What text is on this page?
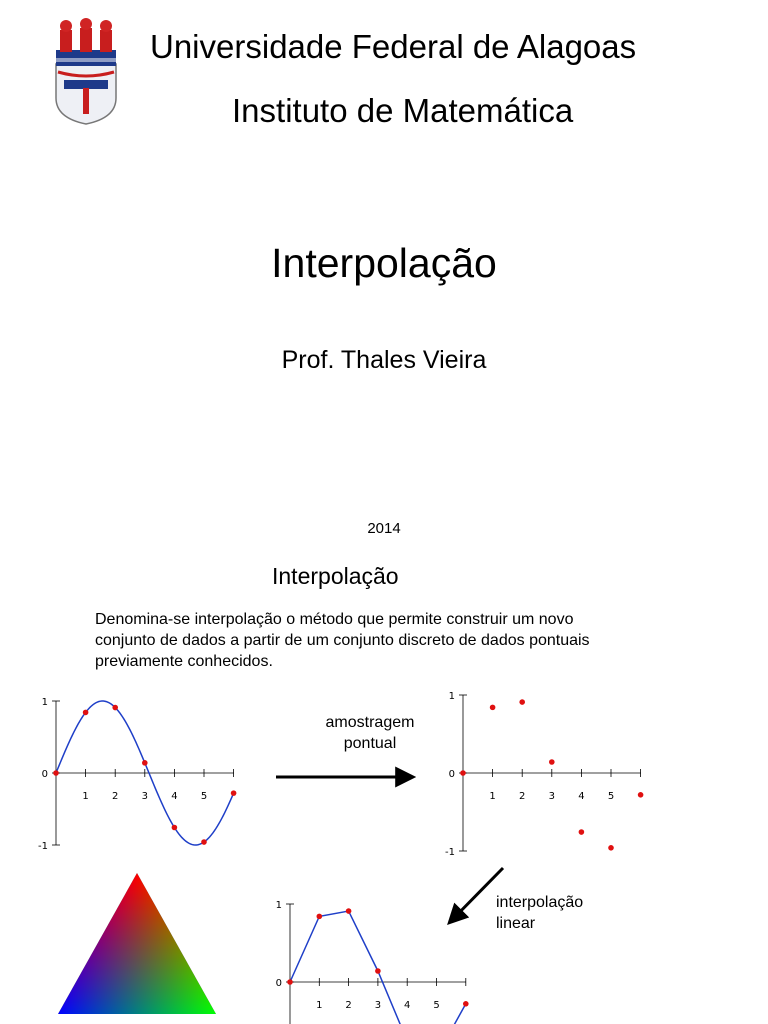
Universidade Federal de Alagoas
Instituto de Matemática
Interpolação
Prof. Thales Vieira
2014
Interpolação
Denomina-se interpolação o método que permite construir um novo
conjunto de dados a partir de um conjunto discreto de dados pontuais
previamente conhecidos.
amostragem
pontual
interpolação
linear
1 2 3 4 5
1
0
-1
1 2 3 4 5
1
0
-1
1 2 3 4 5
1
0
